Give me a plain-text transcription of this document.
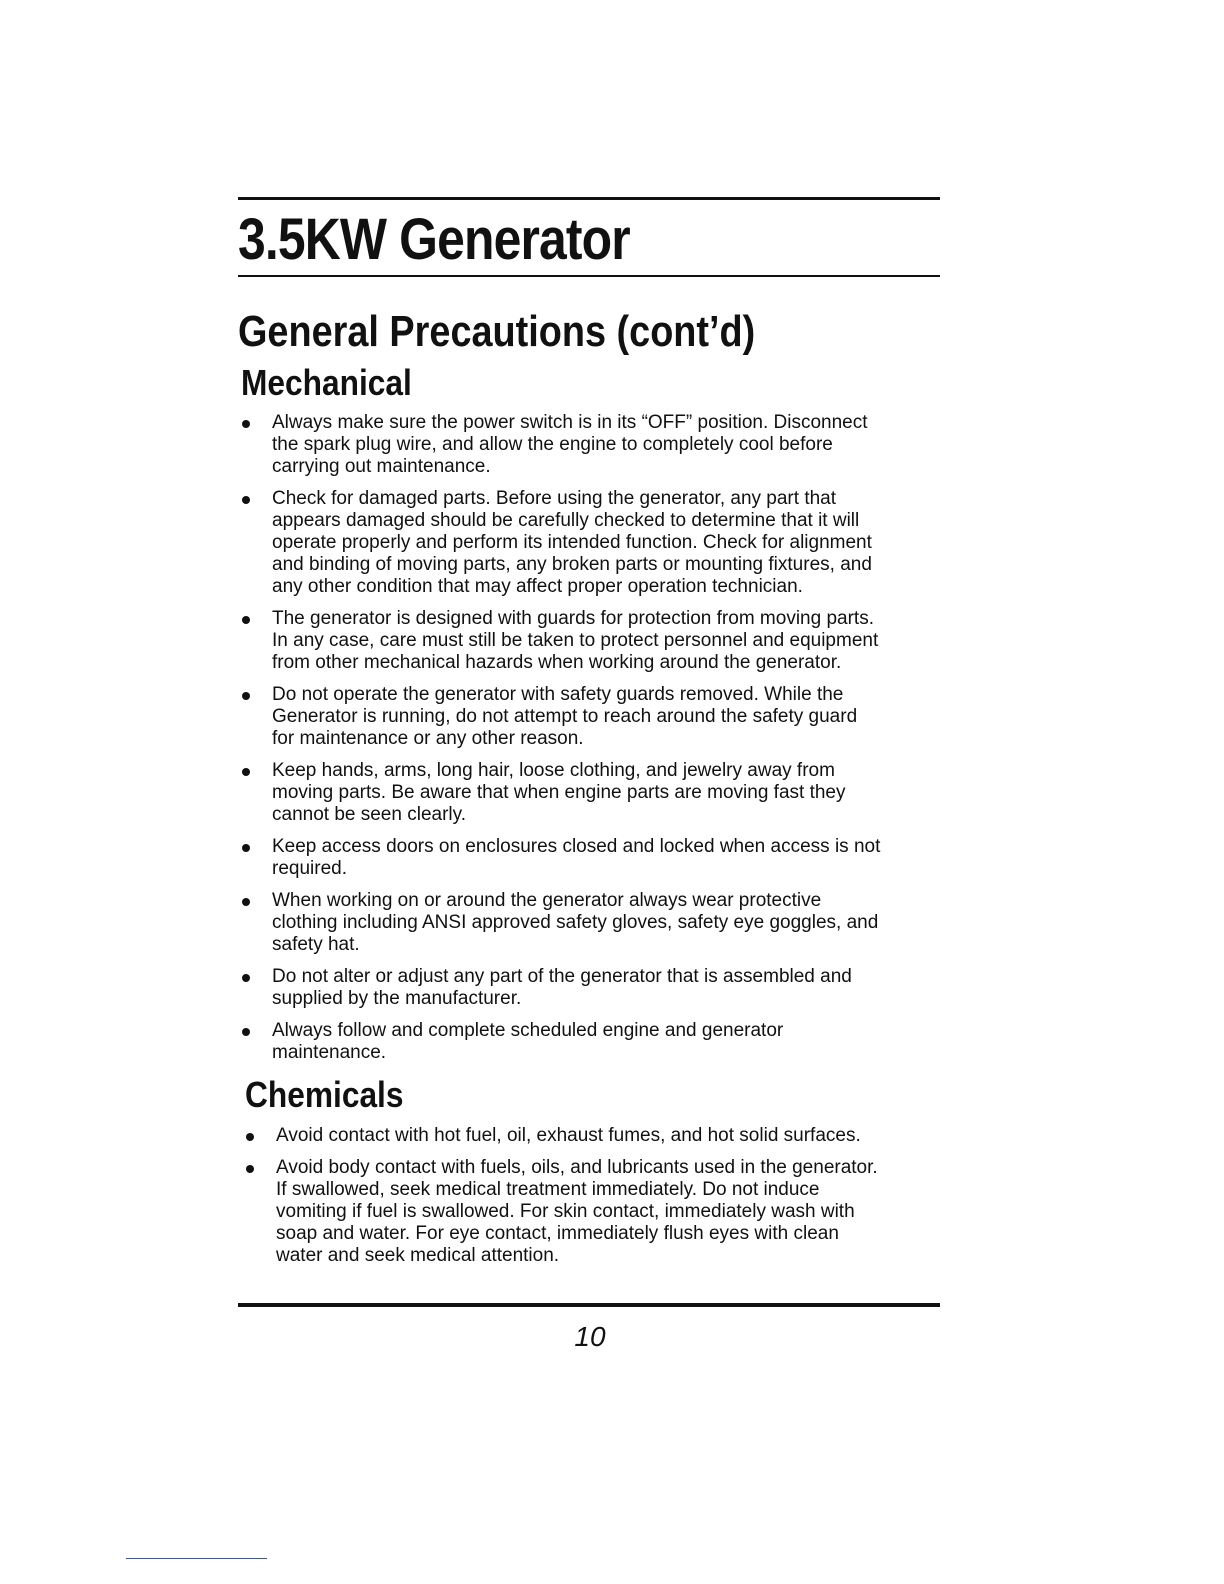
3.5KW Generator
General Precautions (cont’d)
Mechanical
Always make sure the power switch is in its “OFF” position. Disconnect
the spark plug wire, and allow the engine to completely cool before
carrying out maintenance.
Check for damaged parts. Before using the generator, any part that
appears damaged should be carefully checked to determine that it will
operate properly and perform its intended function. Check for alignment
and binding of moving parts, any broken parts or mounting fixtures, and
any other condition that may affect proper operation technician.
The generator is designed with guards for protection from moving parts.
In any case, care must still be taken to protect personnel and equipment
from other mechanical hazards when working around the generator.
Do not operate the generator with safety guards removed. While the
Generator is running, do not attempt to reach around the safety guard
for maintenance or any other reason.
Keep hands, arms, long hair, loose clothing, and jewelry away from
moving parts. Be aware that when engine parts are moving fast they
cannot be seen clearly.
Keep access doors on enclosures closed and locked when access is not
required.
When working on or around the generator always wear protective
clothing including ANSI approved safety gloves, safety eye goggles, and
safety hat.
Do not alter or adjust any part of the generator that is assembled and
supplied by the manufacturer.
Always follow and complete scheduled engine and generator
maintenance.
Chemicals
Avoid contact with hot fuel, oil, exhaust fumes, and hot solid surfaces.
Avoid body contact with fuels, oils, and lubricants used in the generator.
If swallowed, seek medical treatment immediately. Do not induce
vomiting if fuel is swallowed. For skin contact, immediately wash with
soap and water. For eye contact, immediately flush eyes with clean
water and seek medical attention.
10
